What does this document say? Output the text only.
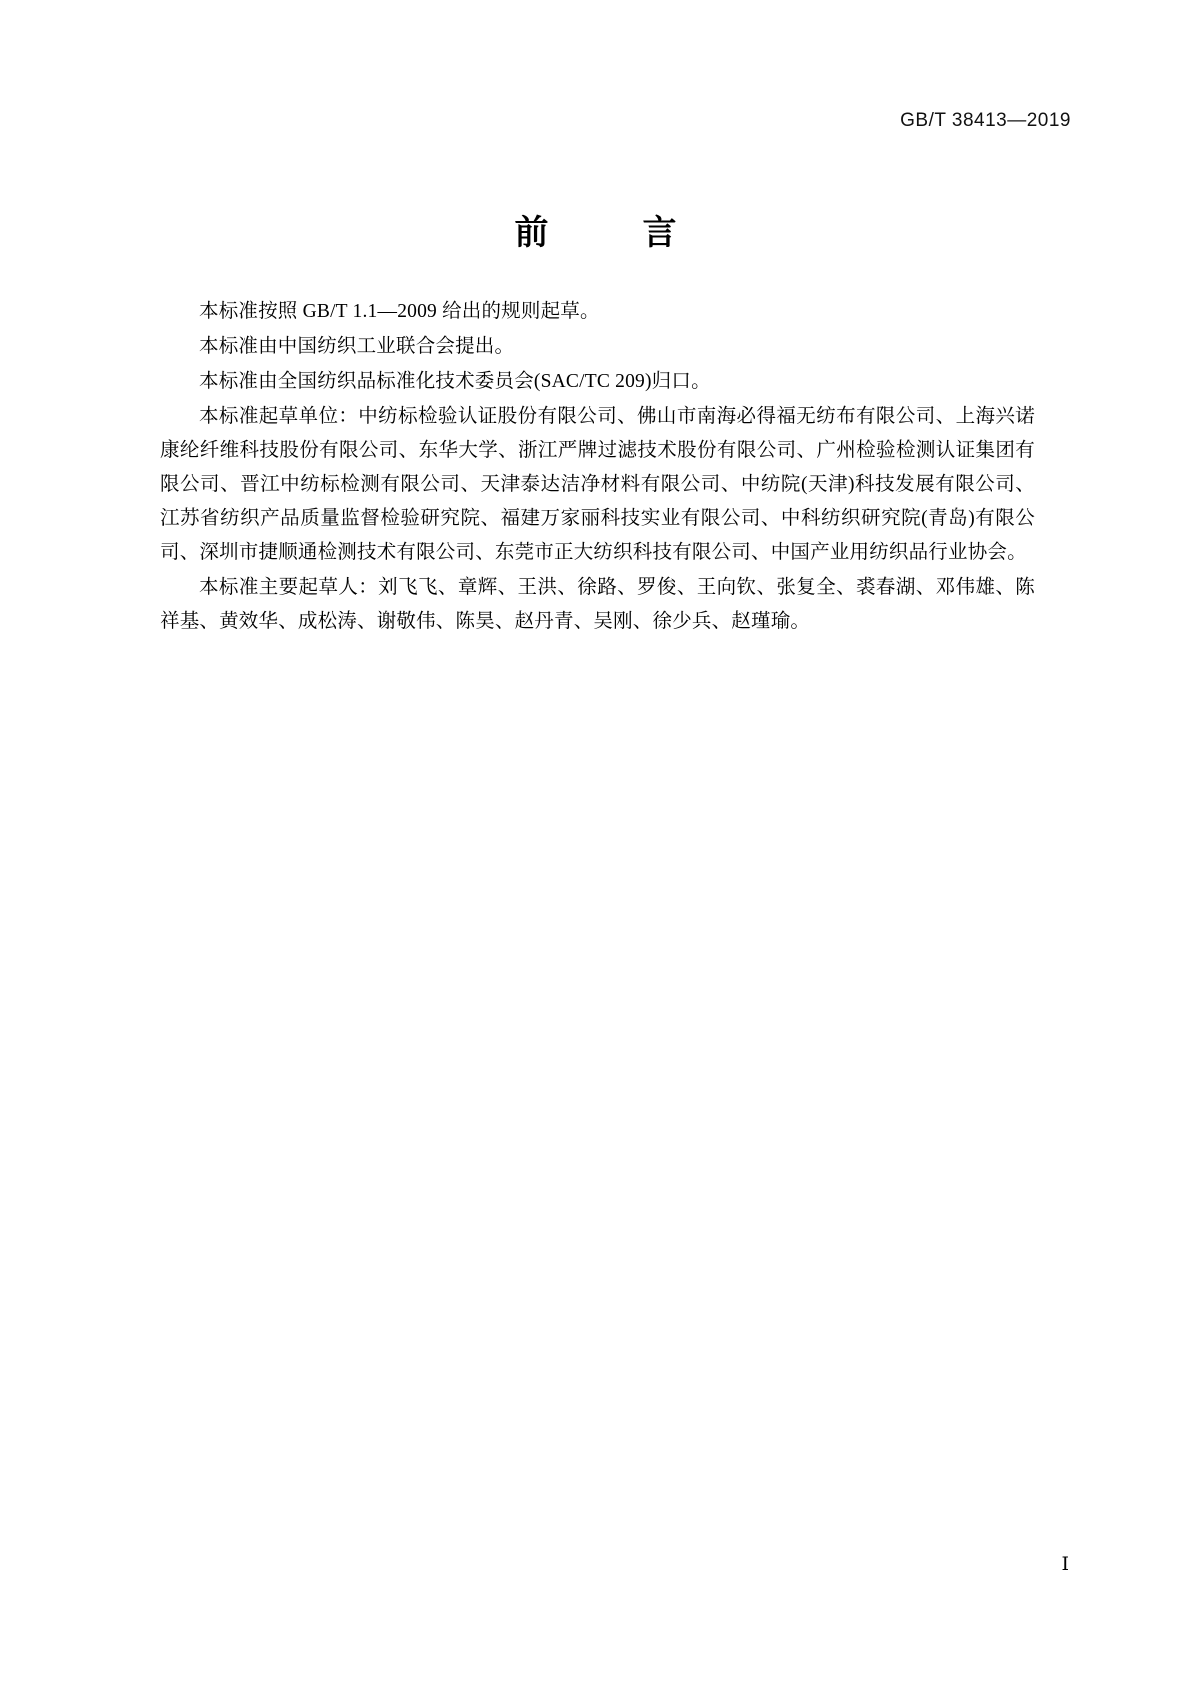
GB/T 38413—2019
前　言

本标准按照 GB/T 1.1—2009 给出的规则起草。

本标准由中国纺织工业联合会提出。

本标准由全国纺织品标准化技术委员会(SAC/TC 209)归口。

本标准起草单位：中纺标检验认证股份有限公司、佛山市南海必得福无纺布有限公司、上海兴诺康纶纤维科技股份有限公司、东华大学、浙江严牌过滤技术股份有限公司、广州检验检测认证集团有限公司、晋江中纺标检测有限公司、天津泰达洁净材料有限公司、中纺院(天津)科技发展有限公司、江苏省纺织产品质量监督检验研究院、福建万家丽科技实业有限公司、中科纺织研究院(青岛)有限公司、深圳市捷顺通检测技术有限公司、东莞市正大纺织科技有限公司、中国产业用纺织品行业协会。

本标准主要起草人：刘飞飞、章辉、王洪、徐路、罗俊、王向钦、张复全、裘春湖、邓伟雄、陈祥基、黄效华、成松涛、谢敬伟、陈昊、赵丹青、吴刚、徐少兵、赵瑾瑜。

Ⅰ
